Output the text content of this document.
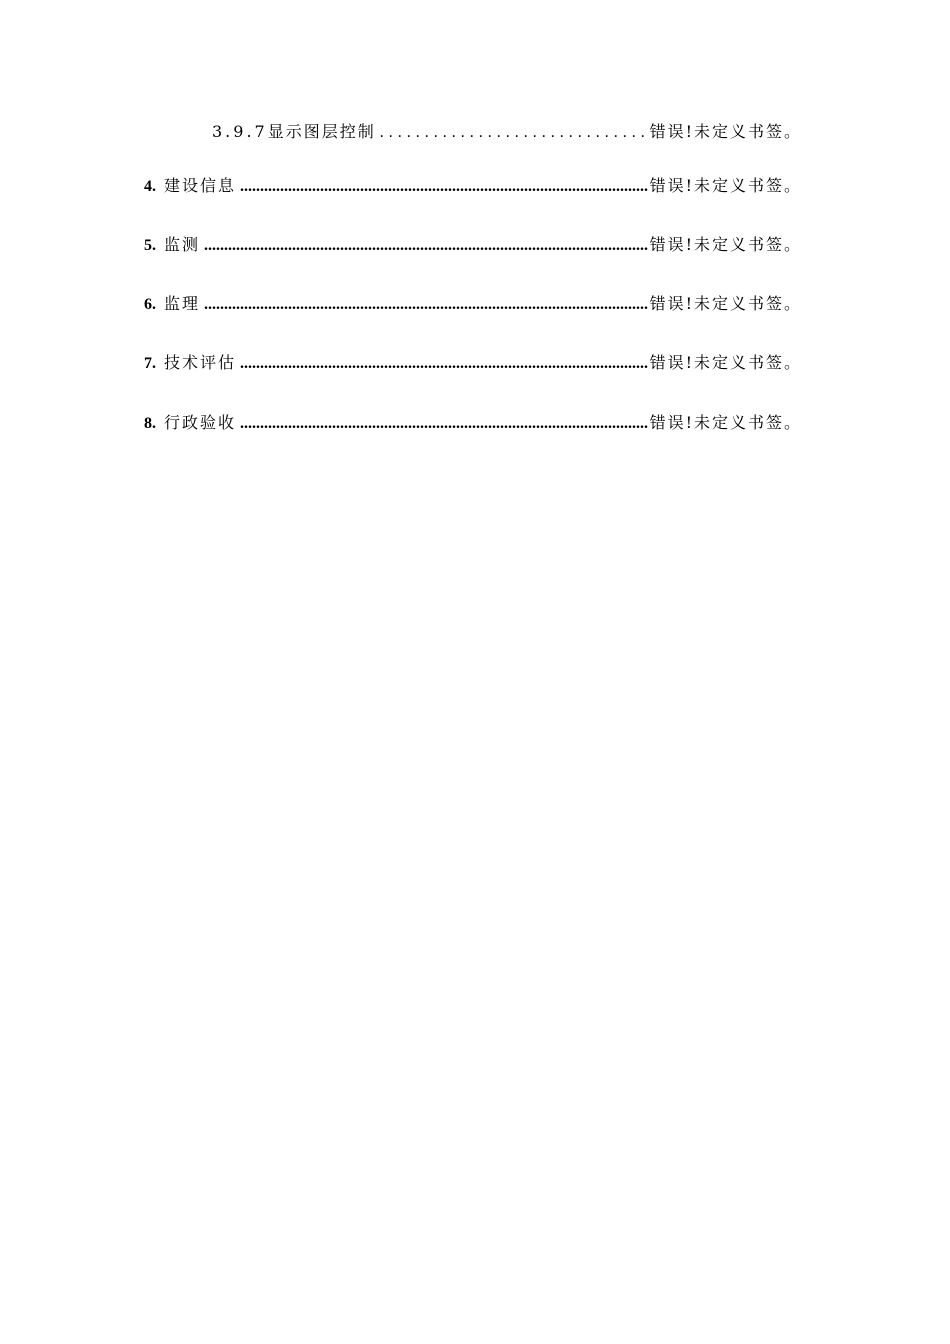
3.9.7 显示图层控制 .....	错误!未定义书签。
4. 建设信息 .....	错误!未定义书签。
5. 监测 .....	错误!未定义书签。
6. 监理 .....	错误!未定义书签。
7. 技术评估 .....	错误!未定义书签。
8. 行政验收 .....	错误!未定义书签。
